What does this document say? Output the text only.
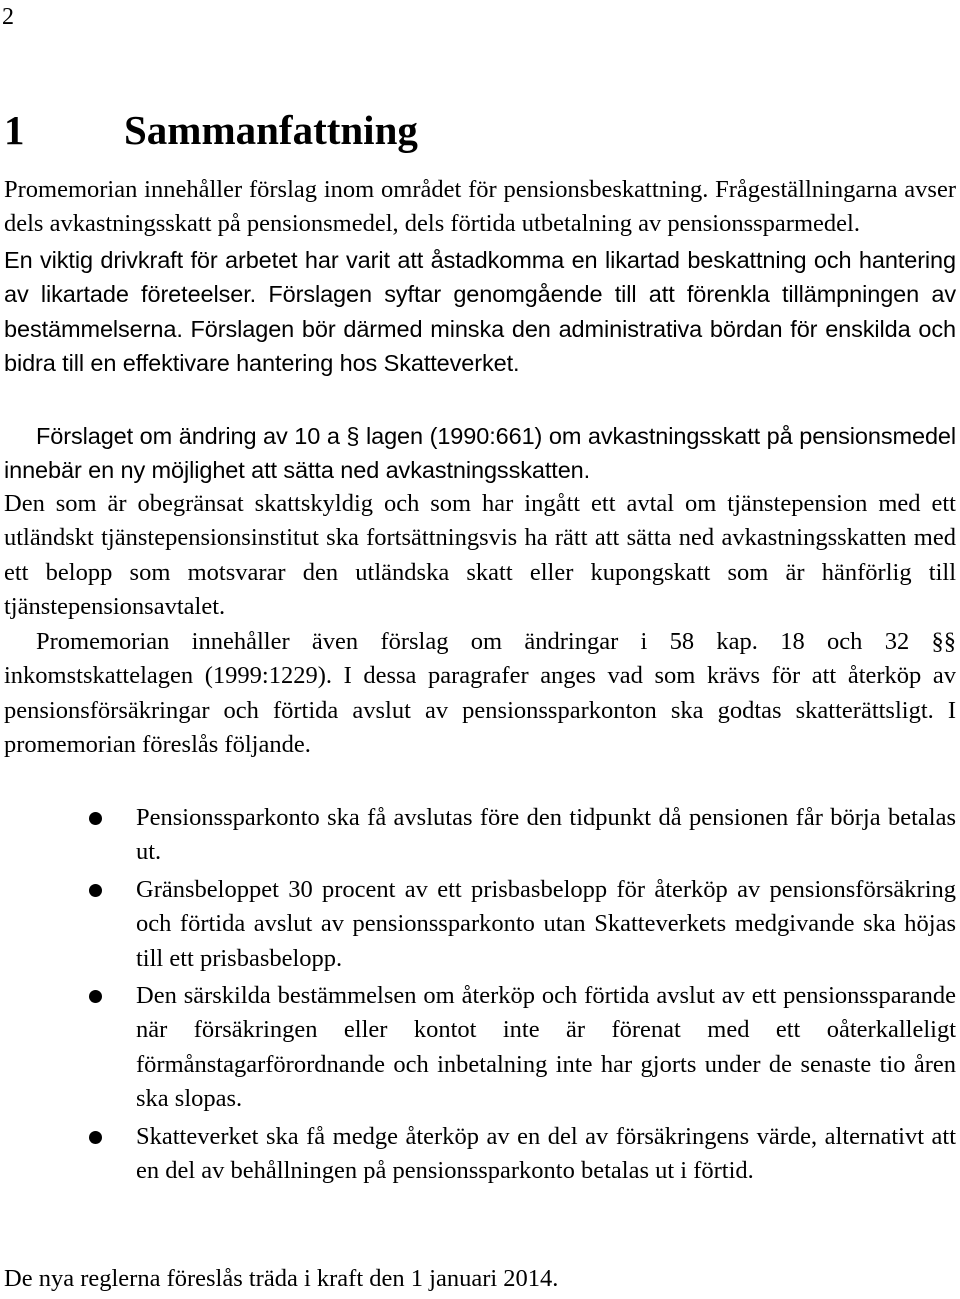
2
1 Sammanfattning

Promemorian innehåller förslag inom området för pensionsbeskattning. Frågeställningarna avser dels avkastningsskatt på pensionsmedel, dels förtida utbetalning av pensionssparmedel.

En viktig drivkraft för arbetet har varit att åstadkomma en likartad beskattning och hantering av likartade företeelser. Förslagen syftar genomgående till att förenkla tillämpningen av bestämmelserna. Förslagen bör därmed minska den administrativa bördan för enskilda och bidra till en effektivare hantering hos Skatteverket.

Förslaget om ändring av 10 a § lagen (1990:661) om avkastningsskatt på pensionsmedel innebär en ny möjlighet att sätta ned avkastningsskatten.

Den som är obegränsat skattskyldig och som har ingått ett avtal om tjänstepension med ett utländskt tjänstepensionsinstitut ska fortsättningsvis ha rätt att sätta ned avkastningsskatten med ett belopp som motsvarar den utländska skatt eller kupongskatt som är hänförlig till tjänstepensionsavtalet.

Promemorian innehåller även förslag om ändringar i 58 kap. 18 och 32 §§ inkomstskattelagen (1999:1229). I dessa paragrafer anges vad som krävs för att återköp av pensionsförsäkringar och förtida avslut av pensionssparkonton ska godtas skatterättsligt. I promemorian föreslås följande.

Pensionssparkonto ska få avslutas före den tidpunkt då pensionen får börja betalas ut.
Gränsbeloppet 30 procent av ett prisbasbelopp för återköp av pensionsförsäkring och förtida avslut av pensionssparkonto utan Skatteverkets medgivande ska höjas till ett prisbasbelopp.
Den särskilda bestämmelsen om återköp och förtida avslut av ett pensionssparande när försäkringen eller kontot inte är förenat med ett oåterkalleligt förmånstagarförordnande och inbetalning inte har gjorts under de senaste tio åren ska slopas.
Skatteverket ska få medge återköp av en del av försäkringens värde, alternativt att en del av behållningen på pensionssparkonto betalas ut i förtid.
De nya reglerna föreslås träda i kraft den 1 januari 2014.
